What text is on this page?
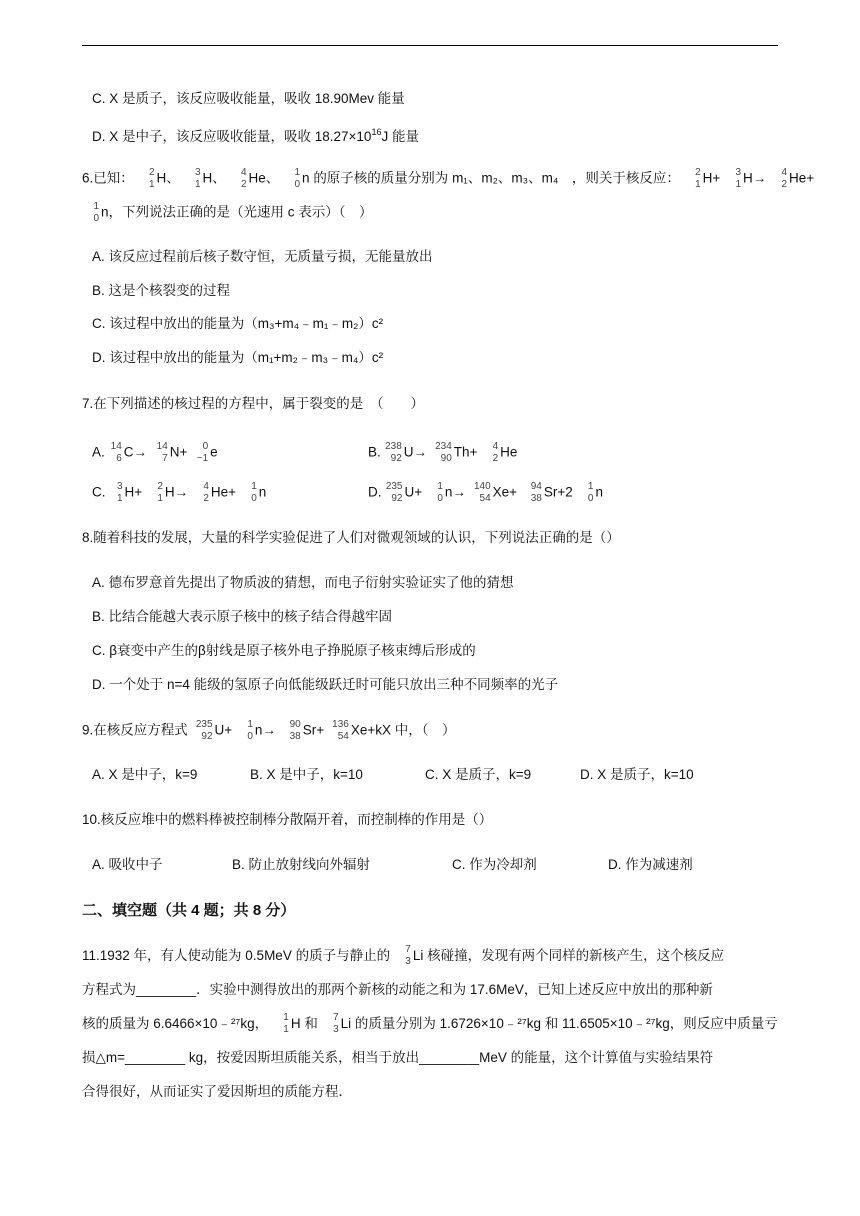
C. X 是质子，该反应吸收能量，吸收 18.90Mev 能量
D. X 是中子，该反应吸收能量，吸收 $18.27\times 10^{16}J$ 能量
6.已知： 2
1 H、 3
1 H、 4
2 He、 1
0 n 的原子核的质量分别为 m₁、m₂、m₃、m₄　，则关于核反应： 2
1 H+ 3
1 H→ 4
2 He+
1
0 n，下列说法正确的是（光速用 c 表示）（　）
A. 该反应过程前后核子数守恒，无质量亏损，无能量放出
B. 这是个核裂变的过程
C. 该过程中放出的能量为（m₃+m₄﹣m₁﹣m₂）c²
D. 该过程中放出的能量为（m₁+m₂﹣m₃﹣m₄）c²
7.在下列描述的核过程的方程中，属于裂变的是　（　　）
A. 14
6 C→ 14
7 N+ 0
−1 e	B. 238
92 U→ 234
90 Th+ 4
2 He
C. 3
1 H+ 2
1 H→ 4
2 He+ 1
0 n	D. 235
92 U+ 1
0 n→ 140
54 Xe+ 94
38 Sr+2 1
0 n
8.随着科技的发展，大量的科学实验促进了人们对微观领域的认识，下列说法正确的是（）
A. 德布罗意首先提出了物质波的猜想，而电子衍射实验证实了他的猜想
B. 比结合能越大表示原子核中的核子结合得越牢固
C. β衰变中产生的β射线是原子核外电子挣脱原子核束缚后形成的
D. 一个处于 n=4 能级的氢原子向低能级跃迁时可能只放出三种不同频率的光子
9.在核反应方程式 235
92 U+ 1
0 n→ 90
38 Sr+ 136
54 Xe+kX 中，（　）
A. X 是中子，k=9	B. X 是中子，k=10	C. X 是质子，k=9	D. X 是质子，k=10
10.核反应堆中的燃料棒被控制棒分散隔开着，而控制棒的作用是（）
A. 吸收中子	B. 防止放射线向外辐射	C. 作为冷却剂	D. 作为减速剂
二、填空题（共 4 题；共 8 分）
11.1932 年，有人使动能为 0.5MeV 的质子与静止的 7
3 Li 核碰撞，发现有两个同样的新核产生，这个核反应
方程式为________．实验中测得放出的那两个新核的动能之和为 17.6MeV，已知上述反应中放出的那种新
核的质量为 6.6466×10﹣²⁷kg， 1
1 H 和 7
3 Li 的质量分别为 1.6726×10﹣²⁷kg 和 11.6505×10﹣²⁷kg，则反应中质量亏
损△m=________ kg，按爱因斯坦质能关系，相当于放出________MeV 的能量，这个计算值与实验结果符
合得很好，从而证实了爱因斯坦的质能方程．
